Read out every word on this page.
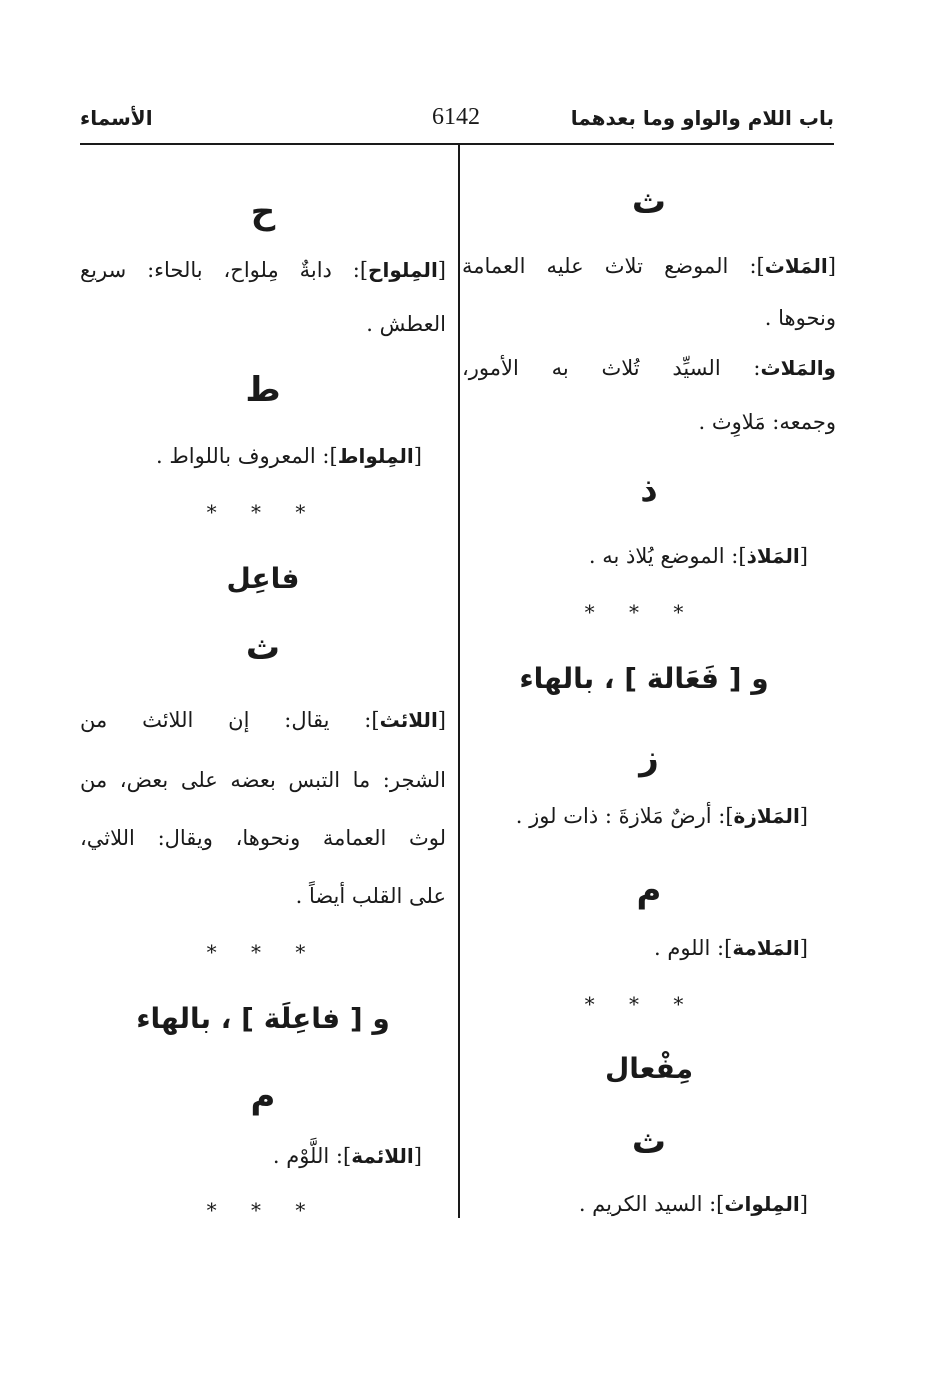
باب اللام والواو وما بعدهما
6142
الأسماء
ث
[المَلاث]: الموضع تلاث عليه العمامة
ونحوها .
والمَلاث: السيِّد تُلاث به الأمور،
وجمعه: مَلاوِث .
ذ
[المَلاذ]: الموضع يُلاذ به .
* * *
و [ فَعَالة ] ، بالهاء
ز
[المَلازة]: أرضٌ مَلازةَ : ذات لوز .
م
[المَلامة]: اللوم .
* * *
مِفْعال
ث
[المِلواث]: السيد الكريم .
ح
[المِلواح]: دابةٌ مِلواح، بالحاء: سريع
العطش .
ط
[المِلواط]: المعروف باللواط .
* * *
فاعِل
ث
[اللائث]: يقال: إن اللائث من
الشجر: ما التبس بعضه على بعض، من
لوث العمامة ونحوها، ويقال: اللاثي،
على القلب أيضاً .
* * *
و [ فاعِلَة ] ، بالهاء
م
[اللائمة]: اللَّوْم .
* * *
